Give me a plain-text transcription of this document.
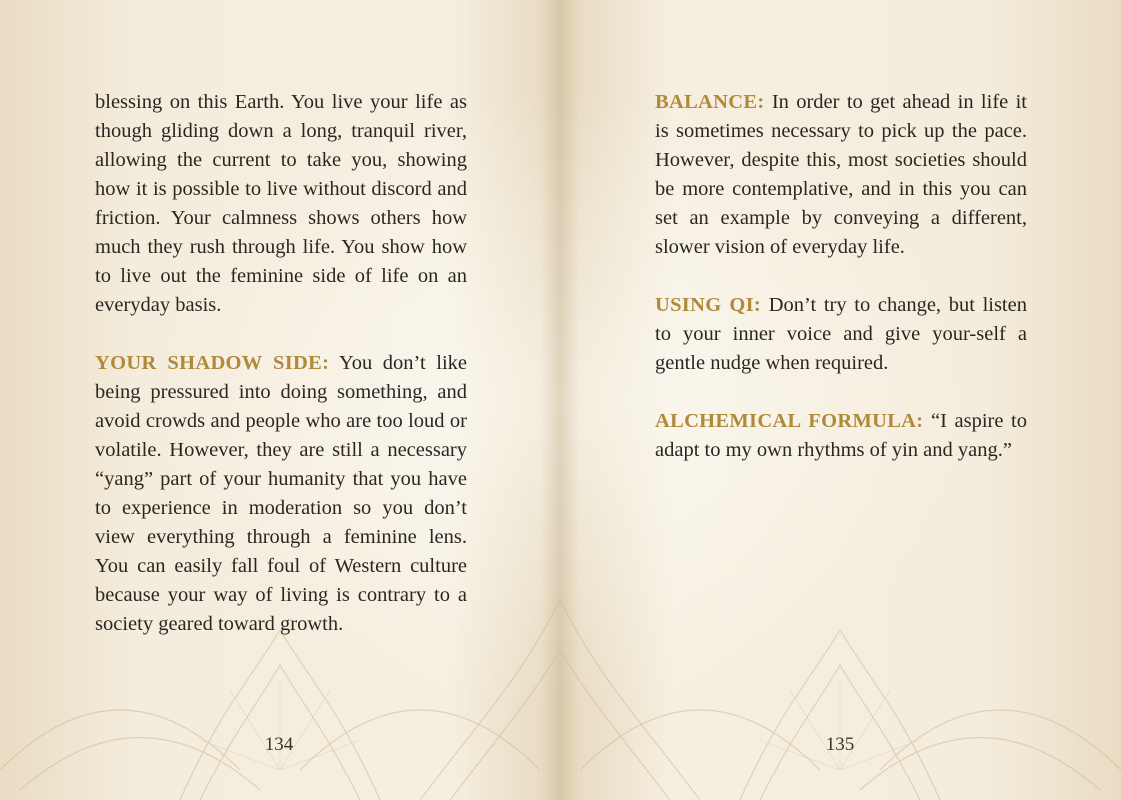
blessing on this Earth. You live your life as though gliding down a long, tranquil river, allowing the current to take you, showing how it is possible to live without discord and friction. Your calmness shows others how much they rush through life. You show how to live out the feminine side of life on an everyday basis.

YOUR SHADOW SIDE: You don’t like being pressured into doing something, and avoid crowds and people who are too loud or volatile. However, they are still a necessary “yang” part of your humanity that you have to experience in moderation so you don’t view everything through a feminine lens. You can easily fall foul of Western culture because your way of living is contrary to a society geared toward growth.

BALANCE: In order to get ahead in life it is sometimes necessary to pick up the pace. However, despite this, most societies should be more contemplative, and in this you can set an example by conveying a different, slower vision of everyday life.

USING QI: Don’t try to change, but listen to your inner voice and give your-self a gentle nudge when required.

ALCHEMICAL FORMULA: “I aspire to adapt to my own rhythms of yin and yang.”

134	135
